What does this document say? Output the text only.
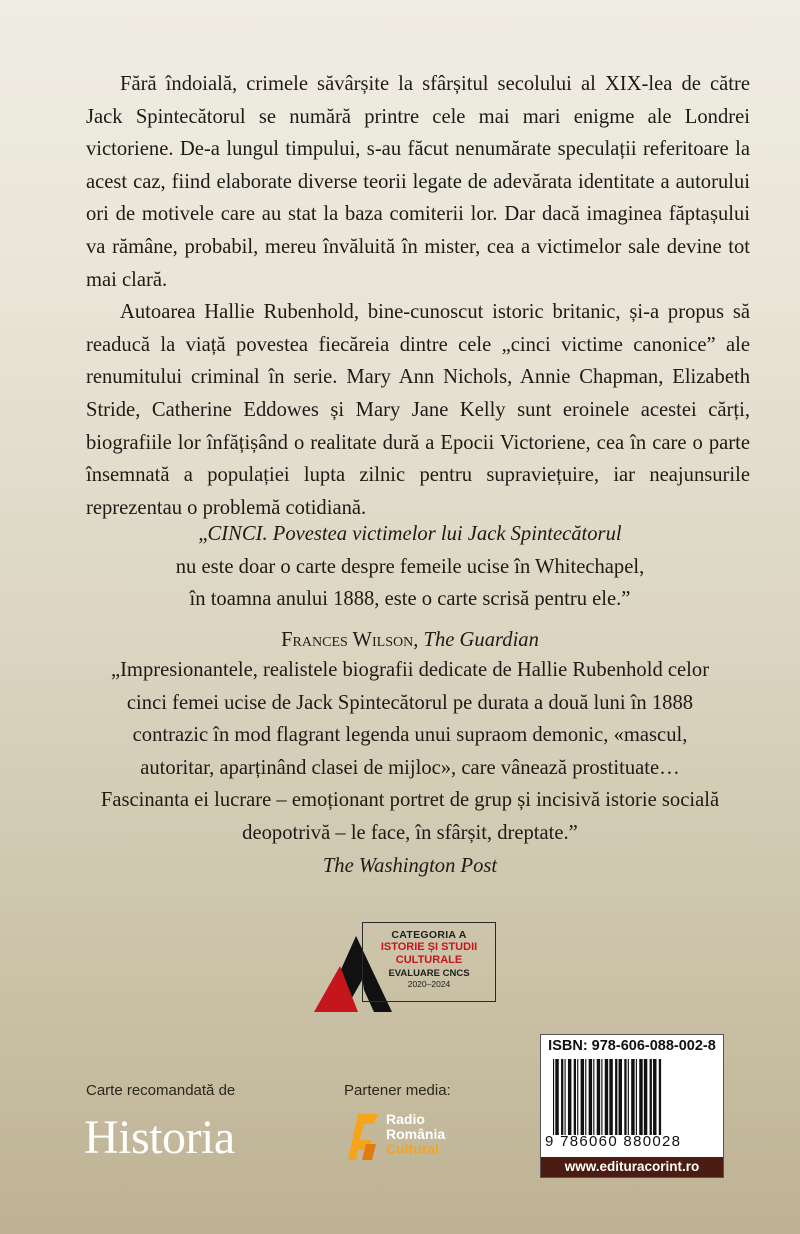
Fără îndoială, crimele săvârșite la sfârșitul secolului al XIX-lea de către Jack Spintecătorul se numără printre cele mai mari enigme ale Londrei victoriene. De-a lungul timpului, s-au făcut nenumărate speculații referitoare la acest caz, fiind elaborate diverse teorii legate de adevărata identitate a autorului ori de motivele care au stat la baza comiterii lor. Dar dacă imaginea făptașului va rămâne, probabil, mereu învăluită în mister, cea a victimelor sale devine tot mai clară.

Autoarea Hallie Rubenhold, bine-cunoscut istoric britanic, și-a propus să readucă la viață povestea fiecăreia dintre cele „cinci victime canonice” ale renumitului criminal în serie. Mary Ann Nichols, Annie Chapman, Elizabeth Stride, Catherine Eddowes și Mary Jane Kelly sunt eroinele acestei cărți, biografiile lor înfățișând o realitate dură a Epocii Victoriene, cea în care o parte însemnată a populației lupta zilnic pentru supraviețuire, iar neajunsurile reprezentau o problemă cotidiană.

„CINCI. Povestea victimelor lui Jack Spintecătorul
nu este doar o carte despre femeile ucise în Whitechapel,
în toamna anului 1888, este o carte scrisă pentru ele.”
Frances Wilson, The Guardian
„Impresionantele, realistele biografii dedicate de Hallie Rubenhold celor
cinci femei ucise de Jack Spintecătorul pe durata a două luni în 1888
contrazic în mod flagrant legenda unui supraom demonic, «mascul,
autoritar, aparținând clasei de mijloc», care vânează prostituate…
Fascinanta ei lucrare – emoționant portret de grup și incisivă istorie socială
deopotrivă – le face, în sfârșit, dreptate.”
The Washington Post
CATEGORIA A
ISTORIE ȘI STUDII
CULTURALE
EVALUARE CNCS
2020–2024
ISBN: 978-606-088-002-8
9 786060 880028
www.edituracorint.ro
Carte recomandată de
Historia
Partener media:
Radio
România
Cultural
